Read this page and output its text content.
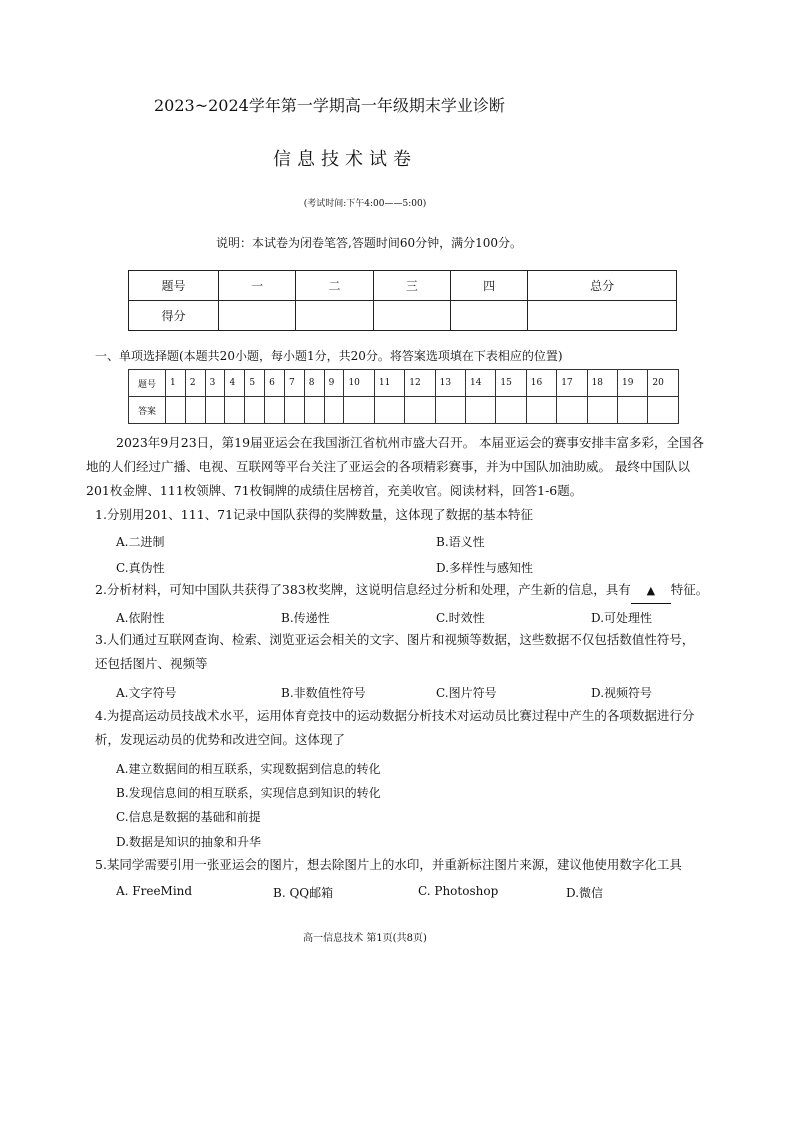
2023~2024学年第一学期高一年级期末学业诊断
信息技术试卷
(考试时间:下午4:00——5:00)
说明：本试卷为闭卷笔答,答题时间60分钟，满分100分。
题号	一	二	三	四	总分
得分					
一、单项选择题(本题共20小题，每小题1分，共20分。将答案选项填在下表相应的位置)
题号	1	2	3	4	5	6	7	8	9	10	11	12	13	14	15	16	17	18	19	20
答案																				
2023年9月23日，第19届亚运会在我国浙江省杭州市盛大召开。 本届亚运会的赛事安排丰富多彩，全国各
地的人们经过广播、电视、互联网等平台关注了亚运会的各项精彩赛事，并为中国队加油助威。 最终中国队以
201枚金牌、111枚领牌、71枚铜牌的成绩住居榜首，充美收官。阅读材料，回答1-6题。
1.分别用201、111、71记录中国队获得的奖牌数量，这体现了数据的基本特征
A.二进制	B.语义性
C.真伪性	D.多样性与感知性
2.分析材料，可知中国队共获得了383枚奖牌，这说明信息经过分析和处理，产生新的信息，具有 ▲ 特征。
A.依附性	B.传递性	C.时效性	D.可处理性
3.人们通过互联网查询、检索、浏览亚运会相关的文字、图片和视频等数据，这些数据不仅包括数值性符号，
还包括图片、视频等
A.文字符号	B.非数值性符号	C.图片符号	D.视频符号
4.为提高运动员技战术水平，运用体育竞技中的运动数据分析技术对运动员比赛过程中产生的各项数据进行分
析，发现运动员的优势和改进空间。这体现了
A.建立数据间的相互联系，实现数据到信息的转化
B.发现信息间的相互联系，实现信息到知识的转化
C.信息是数据的基础和前提
D.数据是知识的抽象和升华
5.某同学需要引用一张亚运会的图片，想去除图片上的水印，并重新标注图片来源，建议他使用数字化工具
A. FreeMind	B. QQ邮箱	C. Photoshop	D.微信
高一信息技术 第1页(共8页)
